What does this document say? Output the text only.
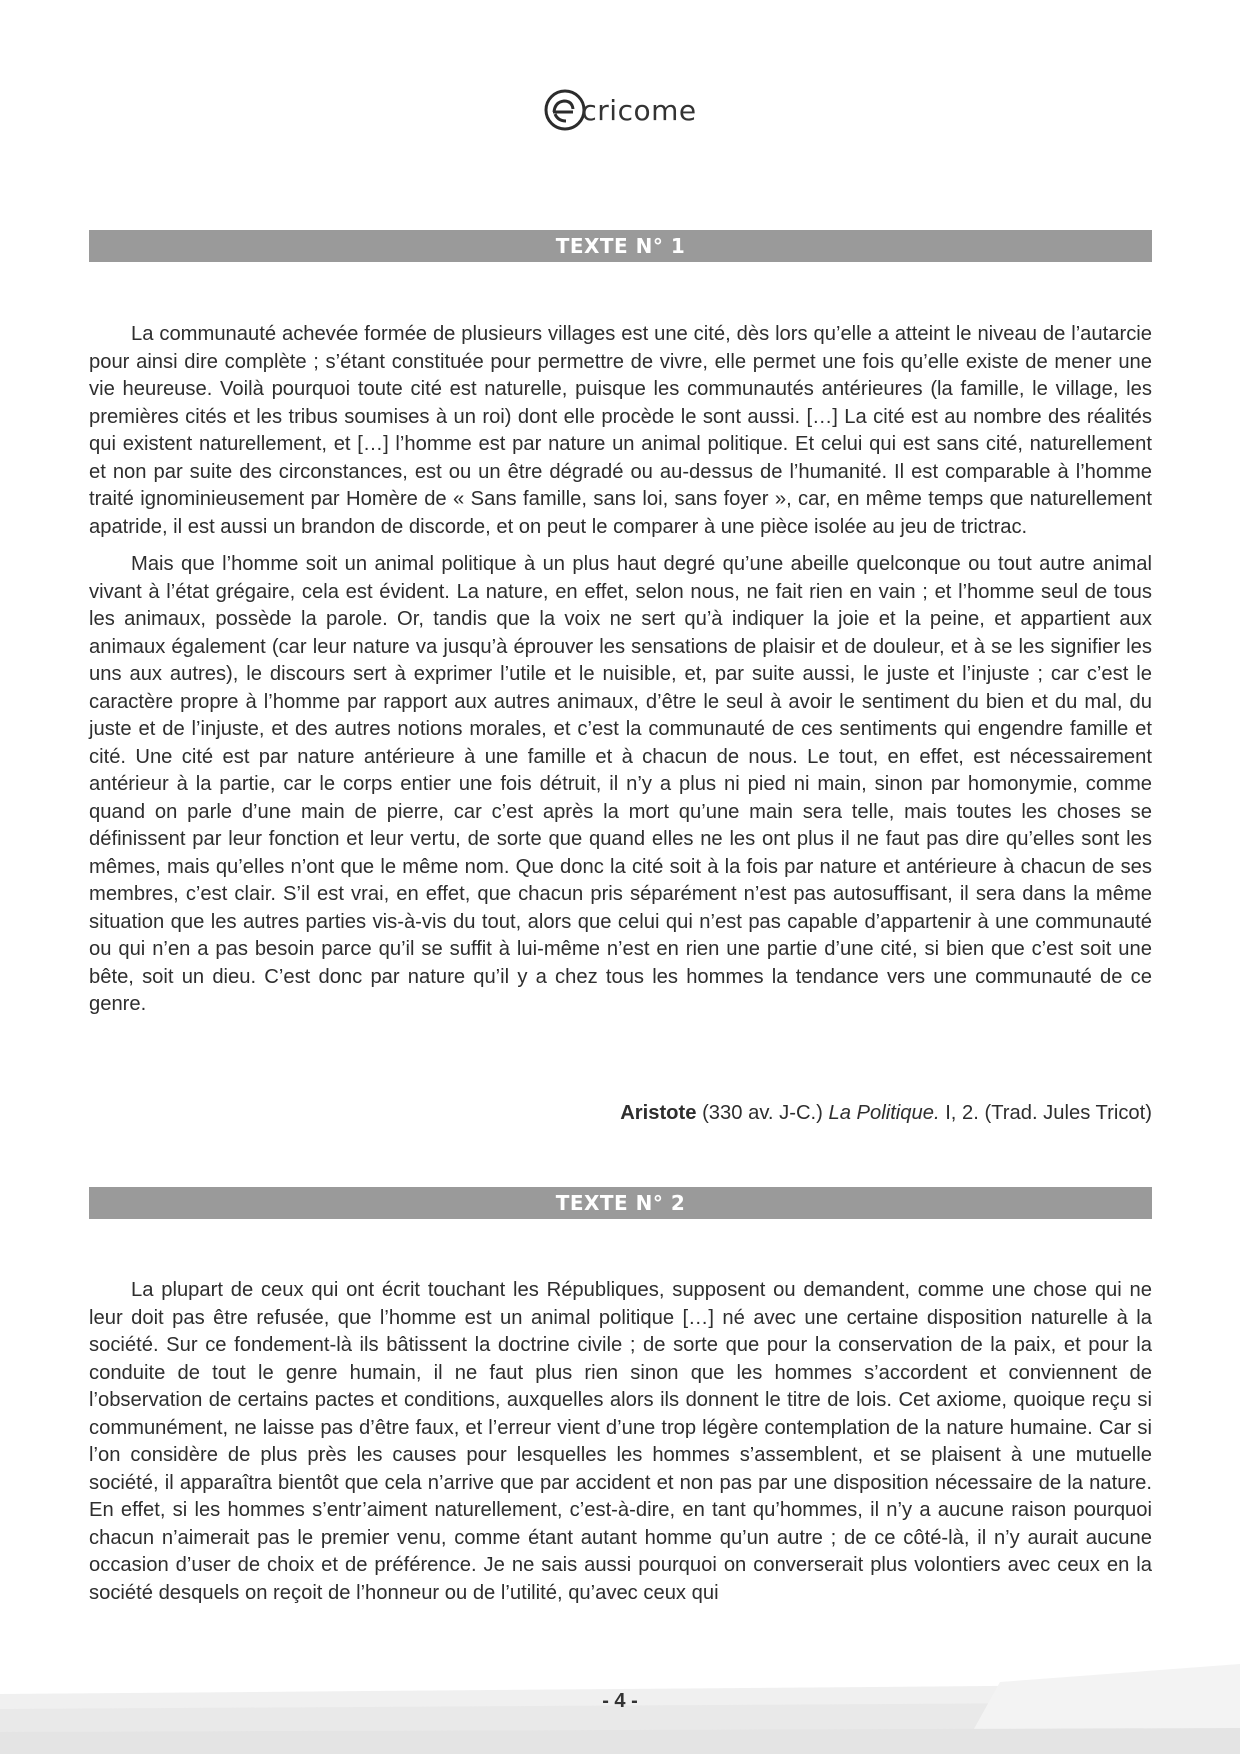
cricome
TEXTE N° 1

La communauté achevée formée de plusieurs villages est une cité, dès lors qu’elle a atteint le niveau de l’autarcie pour ainsi dire complète ; s’étant constituée pour permettre de vivre, elle permet une fois qu’elle existe de mener une vie heureuse. Voilà pourquoi toute cité est naturelle, puisque les communautés antérieures (la famille, le village, les premières cités et les tribus soumises à un roi) dont elle procède le sont aussi. […] La cité est au nombre des réalités qui existent naturellement, et […] l’homme est par nature un animal politique. Et celui qui est sans cité, naturellement et non par suite des circonstances, est ou un être dégradé ou au-dessus de l’humanité. Il est comparable à l’homme traité ignominieusement par Homère de « Sans famille, sans loi, sans foyer », car, en même temps que naturellement apatride, il est aussi un brandon de discorde, et on peut le comparer à une pièce isolée au jeu de trictrac.

Mais que l’homme soit un animal politique à un plus haut degré qu’une abeille quelconque ou tout autre animal vivant à l’état grégaire, cela est évident. La nature, en effet, selon nous, ne fait rien en vain ; et l’homme seul de tous les animaux, possède la parole. Or, tandis que la voix ne sert qu’à indiquer la joie et la peine, et appartient aux animaux également (car leur nature va jusqu’à éprouver les sensations de plaisir et de douleur, et à se les signifier les uns aux autres), le discours sert à exprimer l’utile et le nuisible, et, par suite aussi, le juste et l’injuste ; car c’est le caractère propre à l’homme par rapport aux autres animaux, d’être le seul à avoir le sentiment du bien et du mal, du juste et de l’injuste, et des autres notions morales, et c’est la communauté de ces sentiments qui engendre famille et cité. Une cité est par nature antérieure à une famille et à chacun de nous. Le tout, en effet, est nécessairement antérieur à la partie, car le corps entier une fois détruit, il n’y a plus ni pied ni main, sinon par homonymie, comme quand on parle d’une main de pierre, car c’est après la mort qu’une main sera telle, mais toutes les choses se définissent par leur fonction et leur vertu, de sorte que quand elles ne les ont plus il ne faut pas dire qu’elles sont les mêmes, mais qu’elles n’ont que le même nom. Que donc la cité soit à la fois par nature et antérieure à chacun de ses membres, c’est clair. S’il est vrai, en effet, que chacun pris séparément n’est pas autosuffisant, il sera dans la même situation que les autres parties vis-à-vis du tout, alors que celui qui n’est pas capable d’appartenir à une communauté ou qui n’en a pas besoin parce qu’il se suffit à lui-même n’est en rien une partie d’une cité, si bien que c’est soit une bête, soit un dieu. C’est donc par nature qu’il y a chez tous les hommes la tendance vers une communauté de ce genre.

Aristote (330 av. J-C.) La Politique. I, 2. (Trad. Jules Tricot)
TEXTE N° 2

La plupart de ceux qui ont écrit touchant les Républiques, supposent ou demandent, comme une chose qui ne leur doit pas être refusée, que l’homme est un animal politique […] né avec une certaine disposition naturelle à la société. Sur ce fondement-là ils bâtissent la doctrine civile ; de sorte que pour la conservation de la paix, et pour la conduite de tout le genre humain, il ne faut plus rien sinon que les hommes s’accordent et conviennent de l’observation de certains pactes et conditions, auxquelles alors ils donnent le titre de lois. Cet axiome, quoique reçu si communément, ne laisse pas d’être faux, et l’erreur vient d’une trop légère contemplation de la nature humaine. Car si l’on considère de plus près les causes pour lesquelles les hommes s’assemblent, et se plaisent à une mutuelle société, il apparaîtra bientôt que cela n’arrive que par accident et non pas par une disposition nécessaire de la nature. En effet, si les hommes s’entr’aiment naturellement, c’est-à-dire, en tant qu’hommes, il n’y a aucune raison pourquoi chacun n’aimerait pas le premier venu, comme étant autant homme qu’un autre ; de ce côté-là, il n’y aurait aucune occasion d’user de choix et de préférence. Je ne sais aussi pourquoi on converserait plus volontiers avec ceux en la société desquels on reçoit de l’honneur ou de l’utilité, qu’avec ceux qui

- 4 -
